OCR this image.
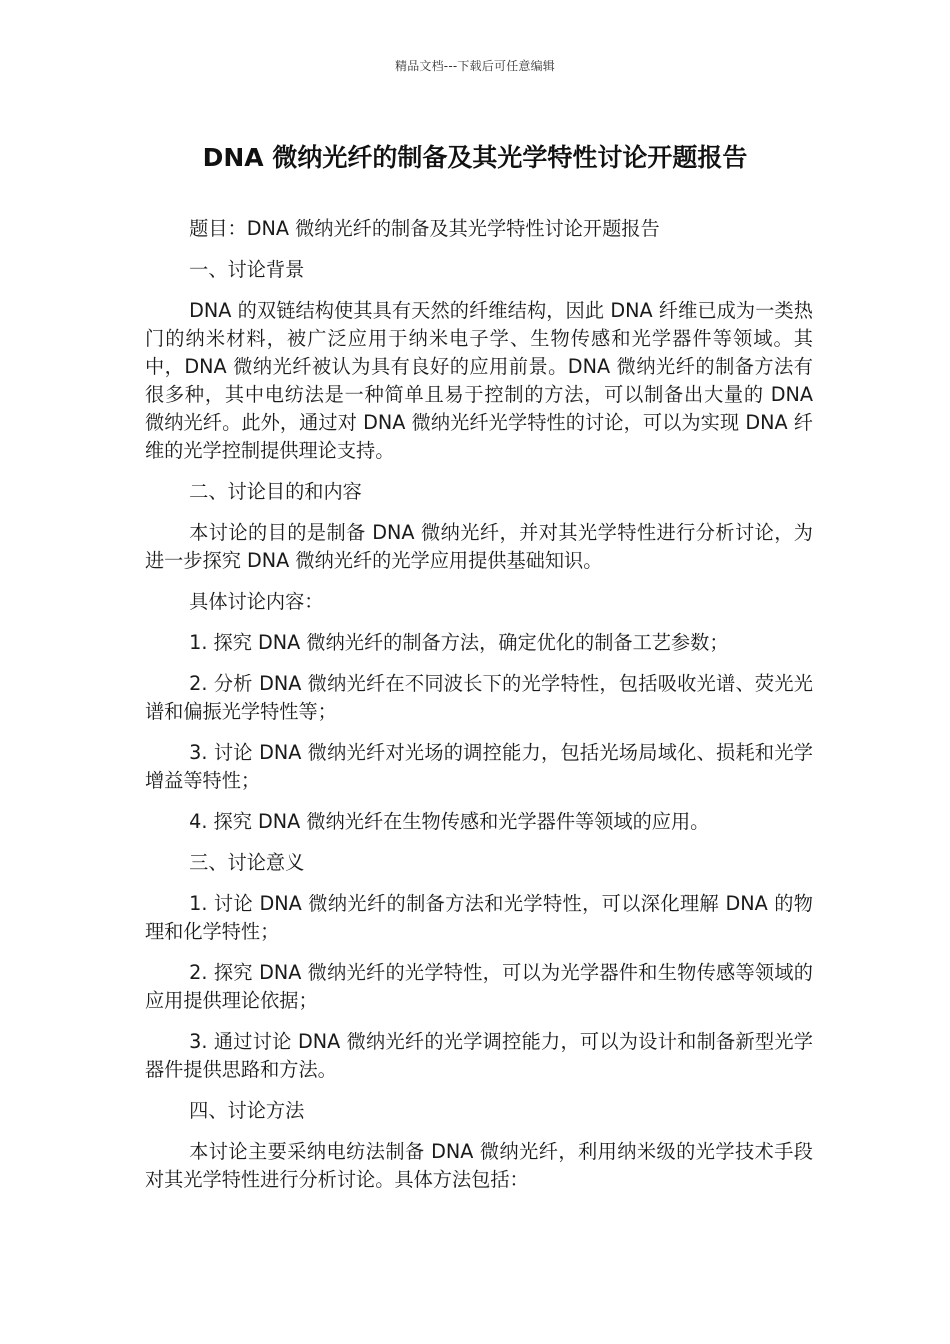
精品文档---下载后可任意编辑
DNA 微纳光纤的制备及其光学特性讨论开题报告

题目：DNA 微纳光纤的制备及其光学特性讨论开题报告

一、讨论背景

DNA 的双链结构使其具有天然的纤维结构，因此 DNA 纤维已成为一类热门的纳米材料，被广泛应用于纳米电子学、生物传感和光学器件等领域。其中，DNA 微纳光纤被认为具有良好的应用前景。DNA 微纳光纤的制备方法有很多种，其中电纺法是一种简单且易于控制的方法，可以制备出大量的 DNA 微纳光纤。此外，通过对 DNA 微纳光纤光学特性的讨论，可以为实现 DNA 纤维的光学控制提供理论支持。

二、讨论目的和内容

本讨论的目的是制备 DNA 微纳光纤，并对其光学特性进行分析讨论，为进一步探究 DNA 微纳光纤的光学应用提供基础知识。

具体讨论内容：

1. 探究 DNA 微纳光纤的制备方法，确定优化的制备工艺参数；

2. 分析 DNA 微纳光纤在不同波长下的光学特性，包括吸收光谱、荧光光谱和偏振光学特性等；

3. 讨论 DNA 微纳光纤对光场的调控能力，包括光场局域化、损耗和光学增益等特性；

4. 探究 DNA 微纳光纤在生物传感和光学器件等领域的应用。

三、讨论意义

1. 讨论 DNA 微纳光纤的制备方法和光学特性，可以深化理解 DNA 的物理和化学特性；

2. 探究 DNA 微纳光纤的光学特性，可以为光学器件和生物传感等领域的应用提供理论依据；

3. 通过讨论 DNA 微纳光纤的光学调控能力，可以为设计和制备新型光学器件提供思路和方法。

四、讨论方法

本讨论主要采纳电纺法制备 DNA 微纳光纤，利用纳米级的光学技术手段对其光学特性进行分析讨论。具体方法包括：
